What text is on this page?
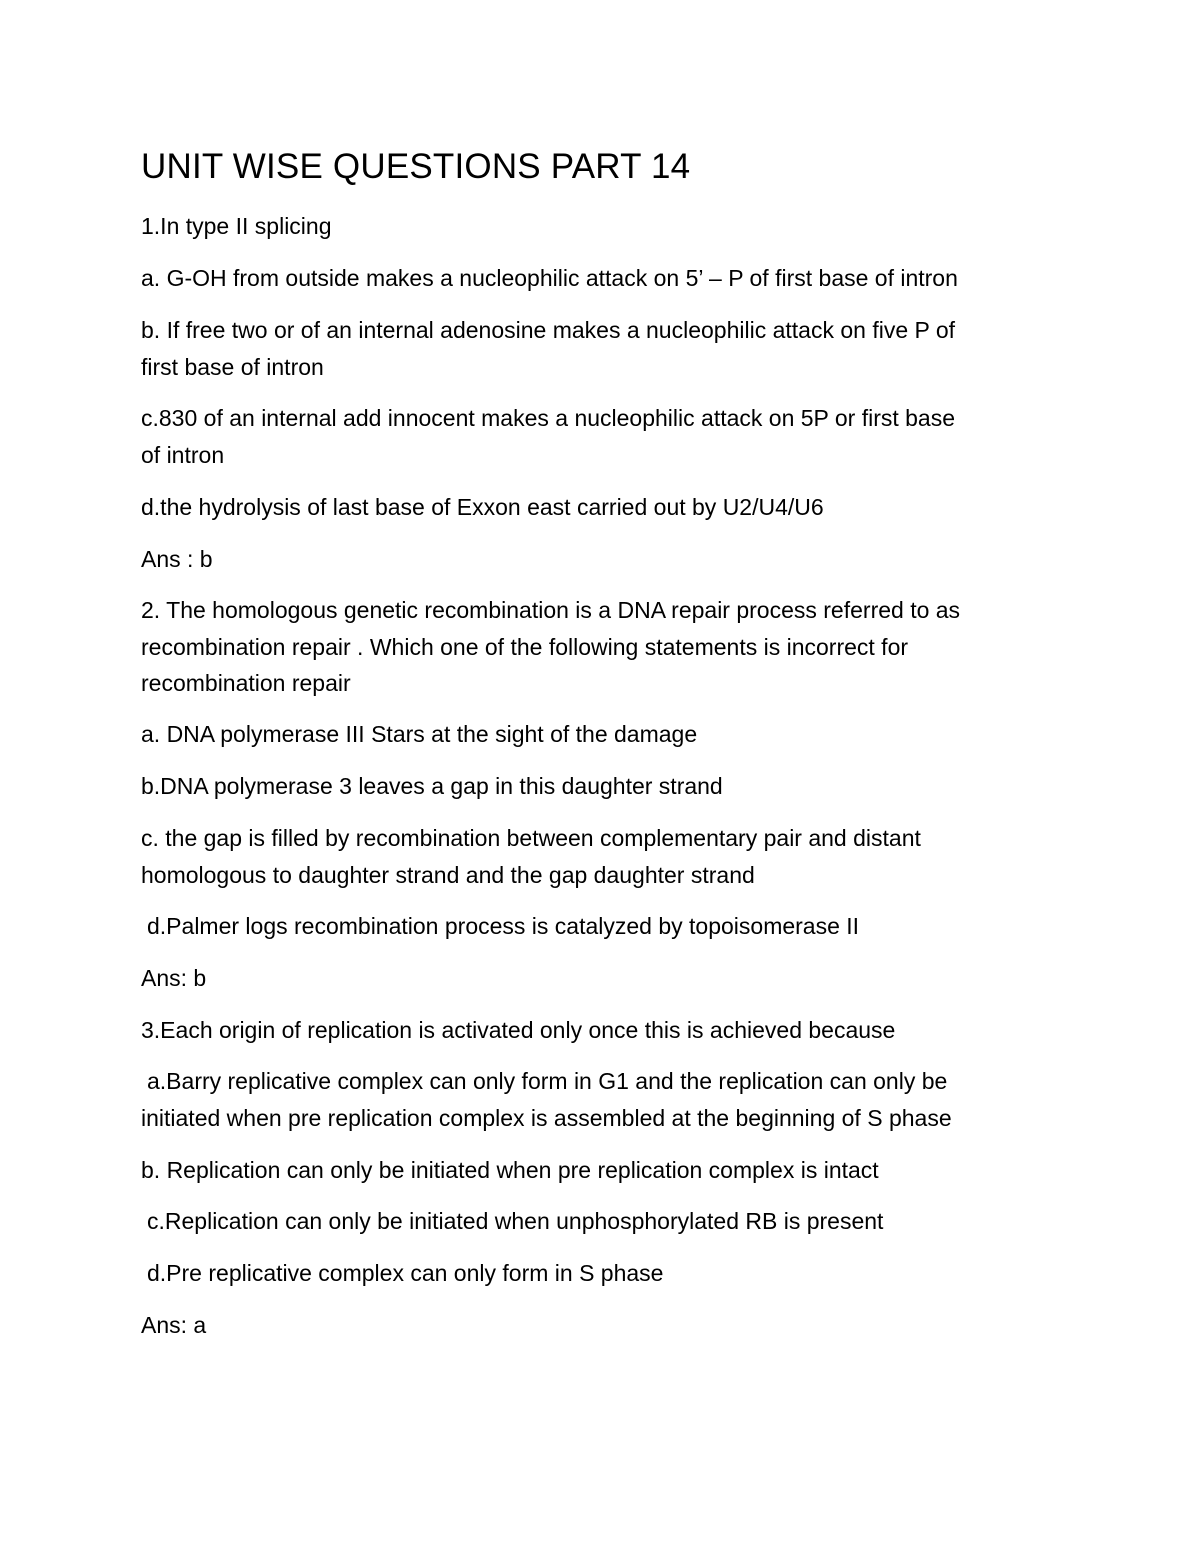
UNIT WISE QUESTIONS PART 14

1.In type II splicing

a. G-OH from outside makes a nucleophilic attack on 5’ – P of first base of intron

b. If free two or of an internal adenosine makes a nucleophilic attack on five P of

first base of intron

c.830 of an internal add innocent makes a nucleophilic attack on 5P or first base

of intron

d.the hydrolysis of last base of Exxon east carried out by U2/U4/U6

Ans : b

2. The homologous genetic recombination is a DNA repair process referred to as

recombination repair . Which one of the following statements is incorrect for

recombination repair

a. DNA polymerase III Stars at the sight of the damage

b.DNA polymerase 3 leaves a gap in this daughter strand

c. the gap is filled by recombination between complementary pair and distant

homologous to daughter strand and the gap daughter strand

d.Palmer logs recombination process is catalyzed by topoisomerase II

Ans: b

3.Each origin of replication is activated only once this is achieved because

a.Barry replicative complex can only form in G1 and the replication can only be

initiated when pre replication complex is assembled at the beginning of S phase

b. Replication can only be initiated when pre replication complex is intact

c.Replication can only be initiated when unphosphorylated RB is present

d.Pre replicative complex can only form in S phase

Ans: a
